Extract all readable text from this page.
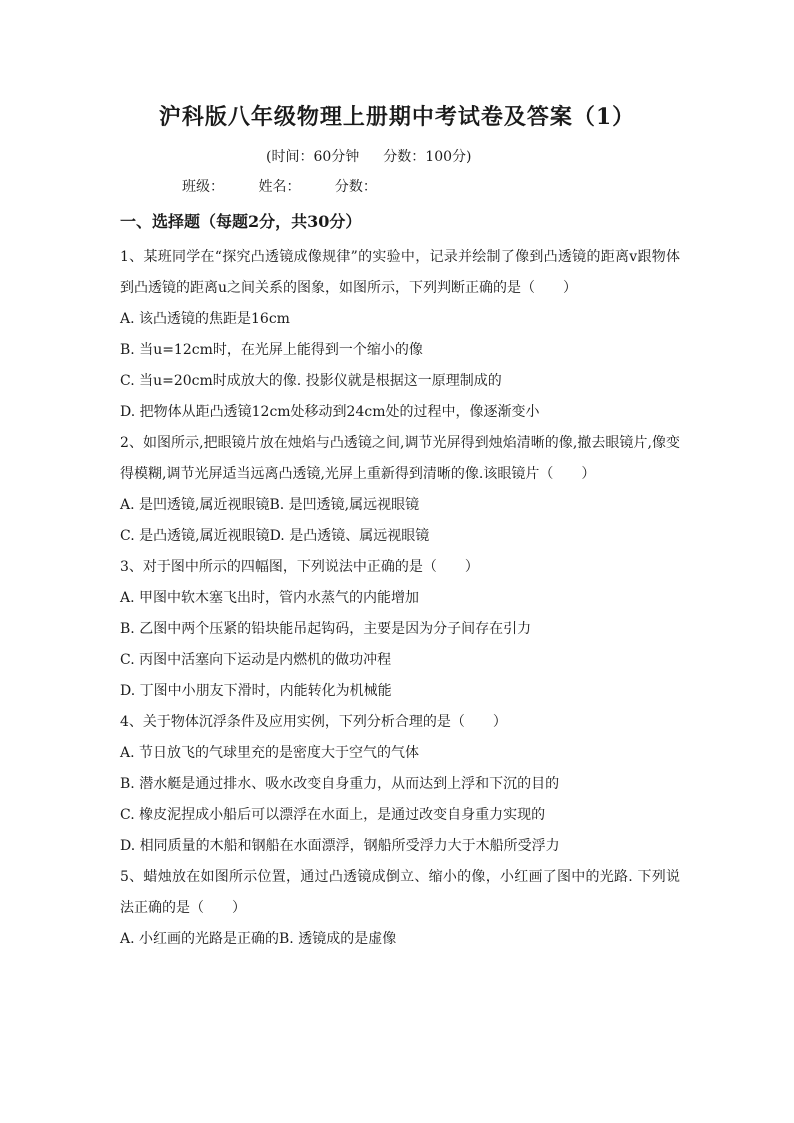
沪科版八年级物理上册期中考试卷及答案（1）
(时间：60分钟 分数：100分)
班级： 姓名： 分数：
一、选择题（每题2分，共30分）

1、某班同学在“探究凸透镜成像规律”的实验中，记录并绘制了像到凸透镜的距离v跟物体到凸透镜的距离u之间关系的图象，如图所示，下列判断正确的是（　　）

A. 该凸透镜的焦距是16cm

B. 当u=12cm时，在光屏上能得到一个缩小的像

C. 当u=20cm时成放大的像. 投影仪就是根据这一原理制成的

D. 把物体从距凸透镜12cm处移动到24cm处的过程中，像逐渐变小

2、如图所示,把眼镜片放在烛焰与凸透镜之间,调节光屏得到烛焰清晰的像,撤去眼镜片,像变得模糊,调节光屏适当远离凸透镜,光屏上重新得到清晰的像.该眼镜片（　　）

A. 是凹透镜,属近视眼镜B. 是凹透镜,属远视眼镜

C. 是凸透镜,属近视眼镜D. 是凸透镜、属远视眼镜

3、对于图中所示的四幅图，下列说法中正确的是（　　）

A. 甲图中软木塞飞出时，管内水蒸气的内能增加

B. 乙图中两个压紧的铅块能吊起钩码，主要是因为分子间存在引力

C. 丙图中活塞向下运动是内燃机的做功冲程

D. 丁图中小朋友下滑时，内能转化为机械能

4、关于物体沉浮条件及应用实例，下列分析合理的是（　　）

A. 节日放飞的气球里充的是密度大于空气的气体

B. 潜水艇是通过排水、吸水改变自身重力，从而达到上浮和下沉的目的

C. 橡皮泥捏成小船后可以漂浮在水面上，是通过改变自身重力实现的

D. 相同质量的木船和钢船在水面漂浮，钢船所受浮力大于木船所受浮力

5、蜡烛放在如图所示位置，通过凸透镜成倒立、缩小的像，小红画了图中的光路. 下列说法正确的是（　　）

A. 小红画的光路是正确的B. 透镜成的是虚像
